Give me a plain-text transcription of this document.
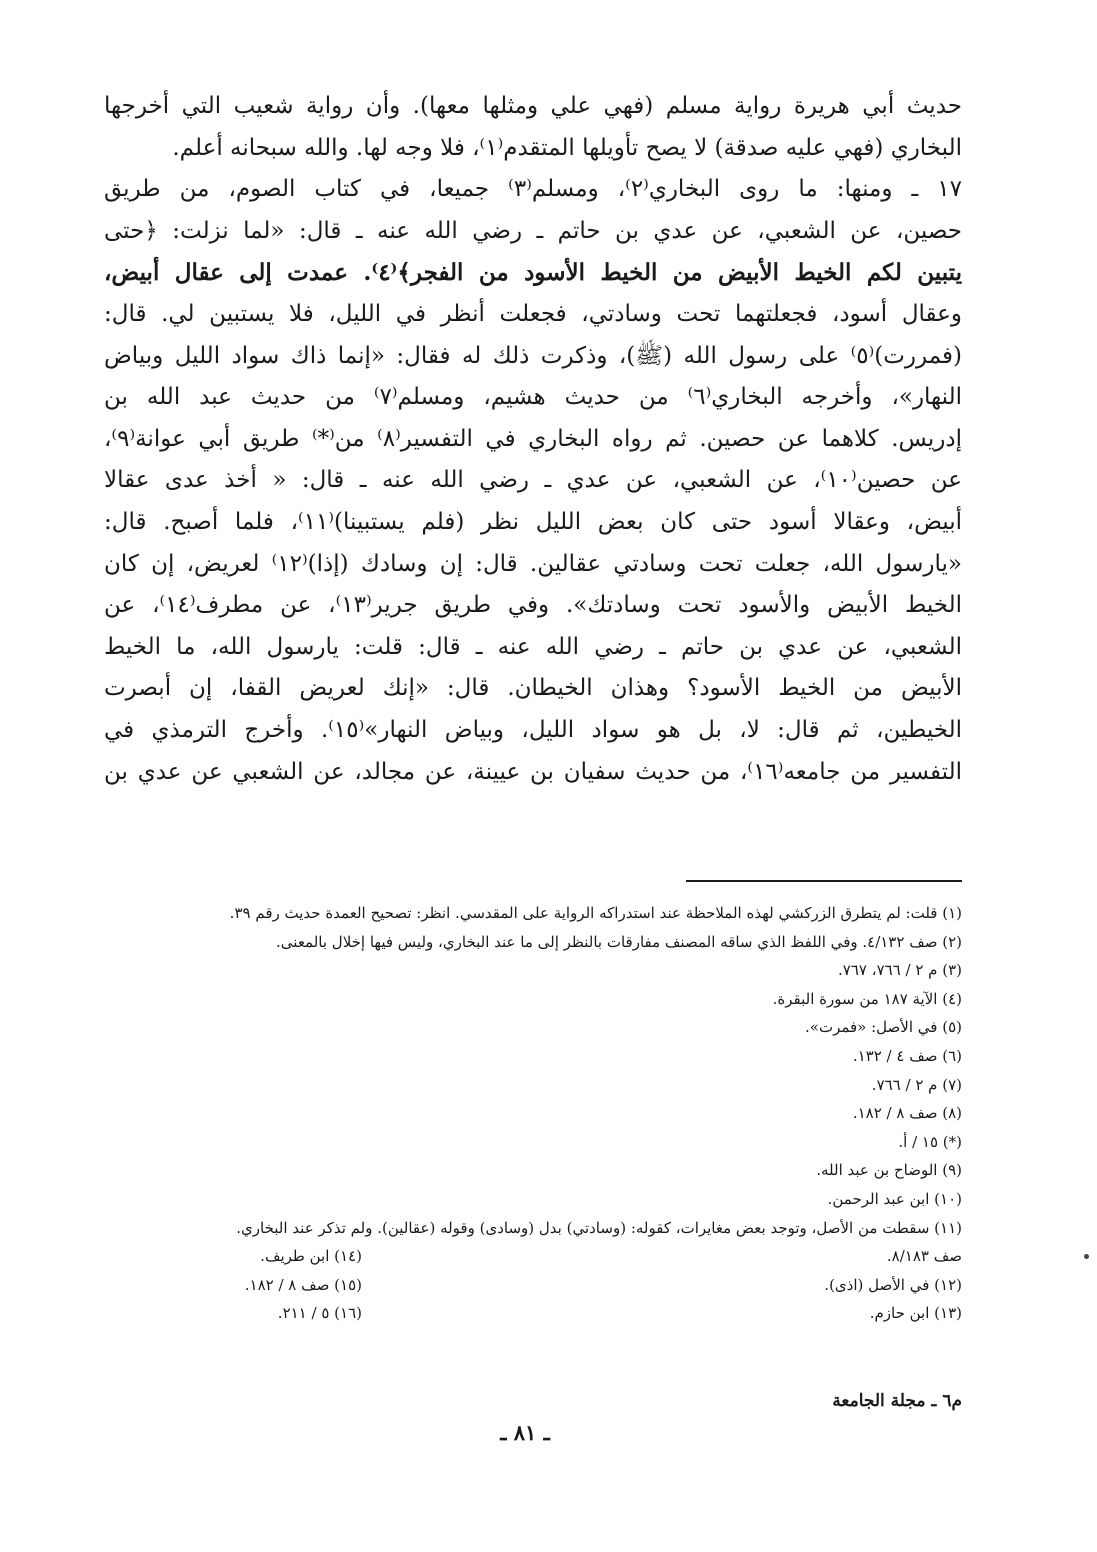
حديث أبي هريرة رواية مسلم (فهي علي ومثلها معها). وأن رواية شعيب التي أخرجها
البخاري (فهي عليه صدقة) لا يصح تأويلها المتقدم⁽١⁾، فلا وجه لها. والله سبحانه أعلم.
١٧ ـ ومنها: ما روى البخاري⁽٢⁾، ومسلم⁽٣⁾ جميعا، في كتاب الصوم، من طريق
حصين، عن الشعبي، عن عدي بن حاتم ـ رضي الله عنه ـ قال: «لما نزلت: ﴿حتى
يتبين لكم الخيط الأبيض من الخيط الأسود من الفجر﴾⁽٤⁾. عمدت إلى عقال أبيض،
وعقال أسود، فجعلتهما تحت وسادتي، فجعلت أنظر في الليل، فلا يستبين لي. قال:
(فمررت)⁽٥⁾ على رسول الله (ﷺ)، وذكرت ذلك له فقال: «إنما ذاك سواد الليل وبياض
النهار»، وأخرجه البخاري⁽٦⁾ من حديث هشيم، ومسلم⁽٧⁾ من حديث عبد الله بن
إدريس. كلاهما عن حصين. ثم رواه البخاري في التفسير⁽٨⁾ من⁽*⁾ طريق أبي عوانة⁽٩⁾،
عن حصين⁽١٠⁾، عن الشعبي، عن عدي ـ رضي الله عنه ـ قال: « أخذ عدى عقالا
أبيض، وعقالا أسود حتى كان بعض الليل نظر (فلم يستبينا)⁽١١⁾، فلما أصبح. قال:
«يارسول الله، جعلت تحت وسادتي عقالين. قال: إن وسادك (إذا)⁽١٢⁾ لعريض، إن كان
الخيط الأبيض والأسود تحت وسادتك». وفي طريق جرير⁽١٣⁾، عن مطرف⁽١٤⁾، عن
الشعبي، عن عدي بن حاتم ـ رضي الله عنه ـ قال: قلت: يارسول الله، ما الخيط
الأبيض من الخيط الأسود؟ وهذان الخيطان. قال: «إنك لعريض القفا، إن أبصرت
الخيطين، ثم قال: لا، بل هو سواد الليل، وبياض النهار»⁽١٥⁾. وأخرج الترمذي في
التفسير من جامعه⁽١٦⁾، من حديث سفيان بن عيينة، عن مجالد، عن الشعبي عن عدي بن
(١) قلت: لم يتطرق الزركشي لهذه الملاحظة عند استدراكه الرواية على المقدسي. انظر: تصحيح العمدة حديث رقم ٣٩.
(٢) صف ٤/١٣٢. وفي اللفظ الذي ساقه المصنف مفارقات بالنظر إلى ما عند البخاري، وليس فيها إخلال بالمعنى.
(٣) م ٢ / ٧٦٦، ٧٦٧.
(٤) الآية ١٨٧ من سورة البقرة.
(٥) في الأصل: «فمرت».
(٦) صف ٤ / ١٣٢.
(٧) م ٢ / ٧٦٦.
(٨) صف ٨ / ١٨٢.
(*) ١٥ / أ.
(٩) الوضاح بن عبد الله.
(١٠) ابن عبد الرحمن.
(١١) سقطت من الأصل، وتوجد بعض مغايرات، كقوله: (وسادتي) بدل (وسادى) وقوله (عقالين). ولم تذكر عند البخاري.
صف ٨/١٨٣.
(١٢) في الأصل (اذى).
(١٣) ابن حازم.
(١٤) ابن طريف.
(١٥) صف ٨ / ١٨٢.
(١٦) ٥ / ٢١١.
م٦ ـ مجلة الجامعة
ـ ٨١ ـ
